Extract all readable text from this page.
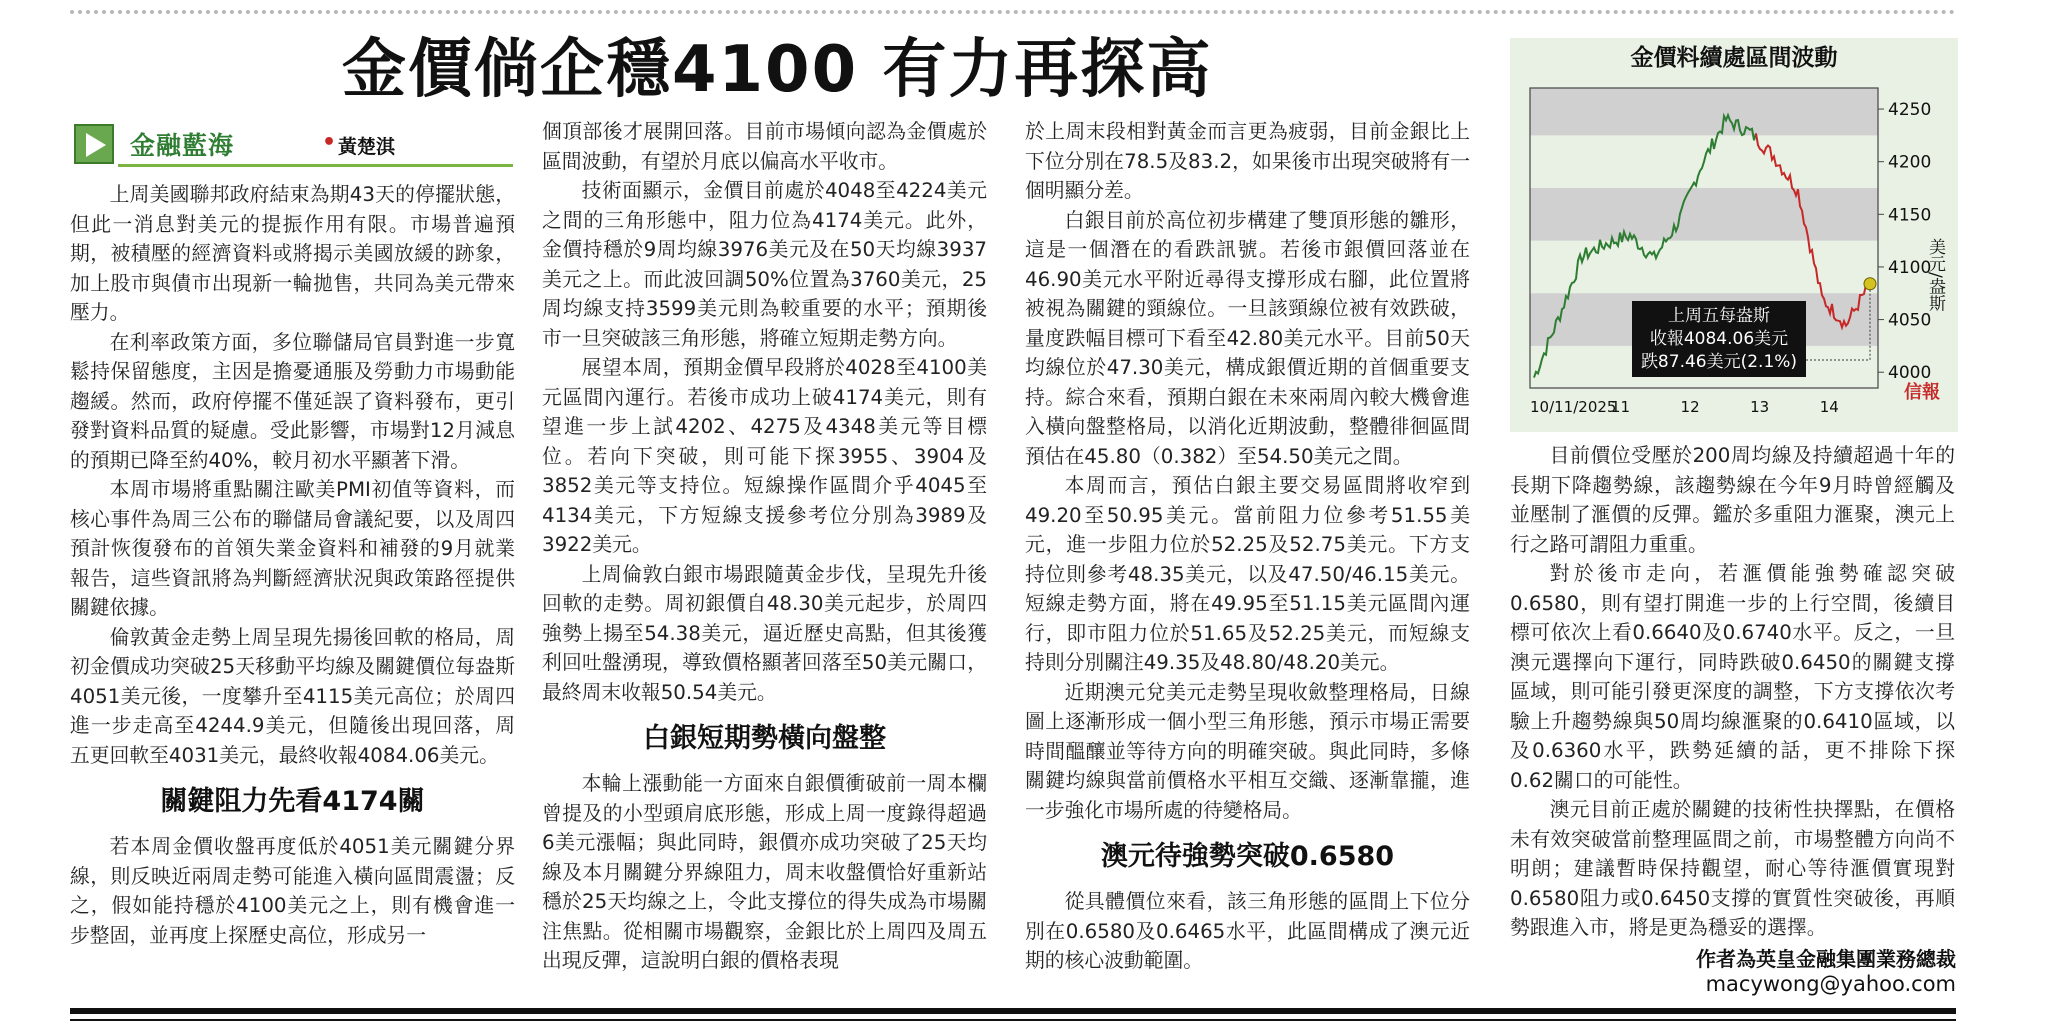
金價倘企穩4100 有力再探高
金融藍海	• 黃楚淇

上周美國聯邦政府結束為期43天的停擺狀態，但此一消息對美元的提振作用有限。市場普遍預期，被積壓的經濟資料或將揭示美國放緩的跡象，加上股市與債市出現新一輪拋售，共同為美元帶來壓力。

在利率政策方面，多位聯儲局官員對進一步寬鬆持保留態度，主因是擔憂通脹及勞動力市場動能趨緩。然而，政府停擺不僅延誤了資料發布，更引發對資料品質的疑慮。受此影響，市場對12月減息的預期已降至約40%，較月初水平顯著下滑。

本周市場將重點關注歐美PMI初值等資料，而核心事件為周三公布的聯儲局會議紀要，以及周四預計恢復發布的首領失業金資料和補發的9月就業報告，這些資訊將為判斷經濟狀況與政策路徑提供關鍵依據。

倫敦黃金走勢上周呈現先揚後回軟的格局，周初金價成功突破25天移動平均線及關鍵價位每盎斯4051美元後，一度攀升至4115美元高位；於周四進一步走高至4244.9美元，但隨後出現回落，周五更回軟至4031美元，最終收報4084.06美元。

關鍵阻力先看4174關

若本周金價收盤再度低於4051美元關鍵分界線，則反映近兩周走勢可能進入橫向區間震盪；反之，假如能持穩於4100美元之上，則有機會進一步整固，並再度上探歷史高位，形成另一

個頂部後才展開回落。目前市場傾向認為金價處於區間波動，有望於月底以偏高水平收市。

技術面顯示，金價目前處於4048至4224美元之間的三角形態中，阻力位為4174美元。此外，金價持穩於9周均線3976美元及在50天均線3937美元之上。而此波回調50%位置為3760美元，25周均線支持3599美元則為較重要的水平；預期後市一旦突破該三角形態，將確立短期走勢方向。

展望本周，預期金價早段將於4028至4100美元區間內運行。若後市成功上破4174美元，則有望進一步上試4202、4275及4348美元等目標位。若向下突破，則可能下探3955、3904及3852美元等支持位。短線操作區間介乎4045至4134美元，下方短線支援參考位分別為3989及3922美元。

上周倫敦白銀市場跟隨黃金步伐，呈現先升後回軟的走勢。周初銀價自48.30美元起步，於周四強勢上揚至54.38美元，逼近歷史高點，但其後獲利回吐盤湧現，導致價格顯著回落至50美元關口，最終周末收報50.54美元。

白銀短期勢橫向盤整

本輪上漲動能一方面來自銀價衝破前一周本欄曾提及的小型頭肩底形態，形成上周一度錄得超過6美元漲幅；與此同時，銀價亦成功突破了25天均線及本月關鍵分界線阻力，周末收盤價恰好重新站穩於25天均線之上，令此支撐位的得失成為市場關注焦點。從相關市場觀察，金銀比於上周四及周五出現反彈，這說明白銀的價格表現

於上周末段相對黃金而言更為疲弱，目前金銀比上下位分別在78.5及83.2，如果後市出現突破將有一個明顯分差。

白銀目前於高位初步構建了雙頂形態的雛形，這是一個潛在的看跌訊號。若後市銀價回落並在46.90美元水平附近尋得支撐形成右腳，此位置將被視為關鍵的頸線位。一旦該頸線位被有效跌破，量度跌幅目標可下看至42.80美元水平。目前50天均線位於47.30美元，構成銀價近期的首個重要支持。綜合來看，預期白銀在未來兩周內較大機會進入橫向盤整格局，以消化近期波動，整體徘徊區間預估在45.80（0.382）至54.50美元之間。

本周而言，預估白銀主要交易區間將收窄到49.20至50.95美元。當前阻力位參考51.55美元，進一步阻力位於52.25及52.75美元。下方支持位則參考48.35美元，以及47.50/46.15美元。短線走勢方面，將在49.95至51.15美元區間內運行，即市阻力位於51.65及52.25美元，而短線支持則分別關注49.35及48.80/48.20美元。

近期澳元兌美元走勢呈現收斂整理格局，日線圖上逐漸形成一個小型三角形態，預示市場正需要時間醞釀並等待方向的明確突破。與此同時，多條關鍵均線與當前價格水平相互交織、逐漸靠攏，進一步強化市場所處的待變格局。

澳元待強勢突破0.6580

從具體價位來看，該三角形態的區間上下位分別在0.6580及0.6465水平，此區間構成了澳元近期的核心波動範圍。

4250
4200
4150
4100
4050
4000
10/11/2025
11	12	13	14
上周五每盎斯
收報4084.06美元
跌87.46美元(2.1%)
信報
美元/盎斯
金價料續處區間波動

目前價位受壓於200周均線及持續超過十年的長期下降趨勢線，該趨勢線在今年9月時曾經觸及並壓制了滙價的反彈。鑑於多重阻力滙聚，澳元上行之路可謂阻力重重。

對於後市走向，若滙價能強勢確認突破0.6580，則有望打開進一步的上行空間，後續目標可依次上看0.6640及0.6740水平。反之，一旦澳元選擇向下運行，同時跌破0.6450的關鍵支撐區域，則可能引發更深度的調整，下方支撐依次考驗上升趨勢線與50周均線滙聚的0.6410區域，以及0.6360水平，跌勢延續的話，更不排除下探0.62關口的可能性。

澳元目前正處於關鍵的技術性抉擇點，在價格未有效突破當前整理區間之前，市場整體方向尚不明朗；建議暫時保持觀望，耐心等待滙價實現對0.6580阻力或0.6450支撐的實質性突破後，再順勢跟進入市，將是更為穩妥的選擇。

作者為英皇金融集團業務總裁
macywong@yahoo.com
